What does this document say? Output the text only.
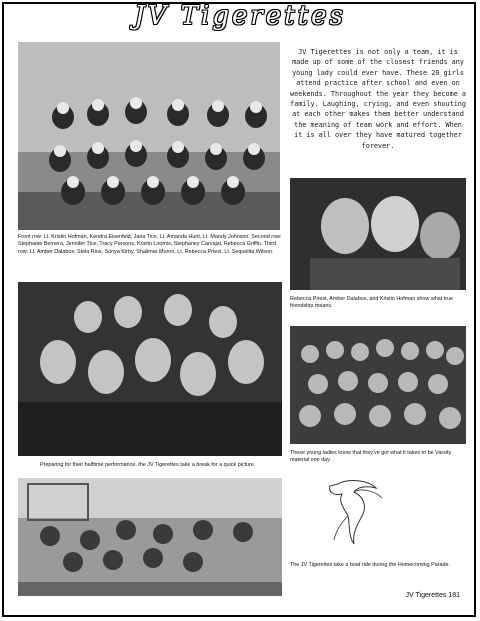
JV Tigerettes
Front row: Lt. Kristin Hofman, Kendra Eisenfeld, Jana Tice, Lt. Amanda Hunt, Lt. Mandy Johnson. Second row: Stephanie Bernera, Jennifer Tice, Tracy Parsons, Kristin Loomis, Stephaney Carvajal, Rebecca Griffin. Third row: Lt. Amber Dalabos, Stela Rios, Sonya Kirby, Shalimar Munro, Lt. Rebecca Priest, Lt. Sequelita Wilson.
JV Tigerettes is not only a team, it is made up of some of the closest friends any young lady could ever have. These 20 girls attend practice after school and even on weekends. Throughout the year they become a family. Laughing, crying, and even shouting at each other makes them better understand the meaning of team work and effort. When it is all over they have matured together forever.
Rebecca Priest, Amber Dalabos, and Kristin Hofman show what true friendship means.
Preparing for their halftime performance, the JV Tigerettes take a break for a quick picture.
These young ladies know that they've got what it takes to be Varsity material one day.
The JV Tigerettes take a boat ride during the Homecoming Parade.
JV Tigerettes 181
